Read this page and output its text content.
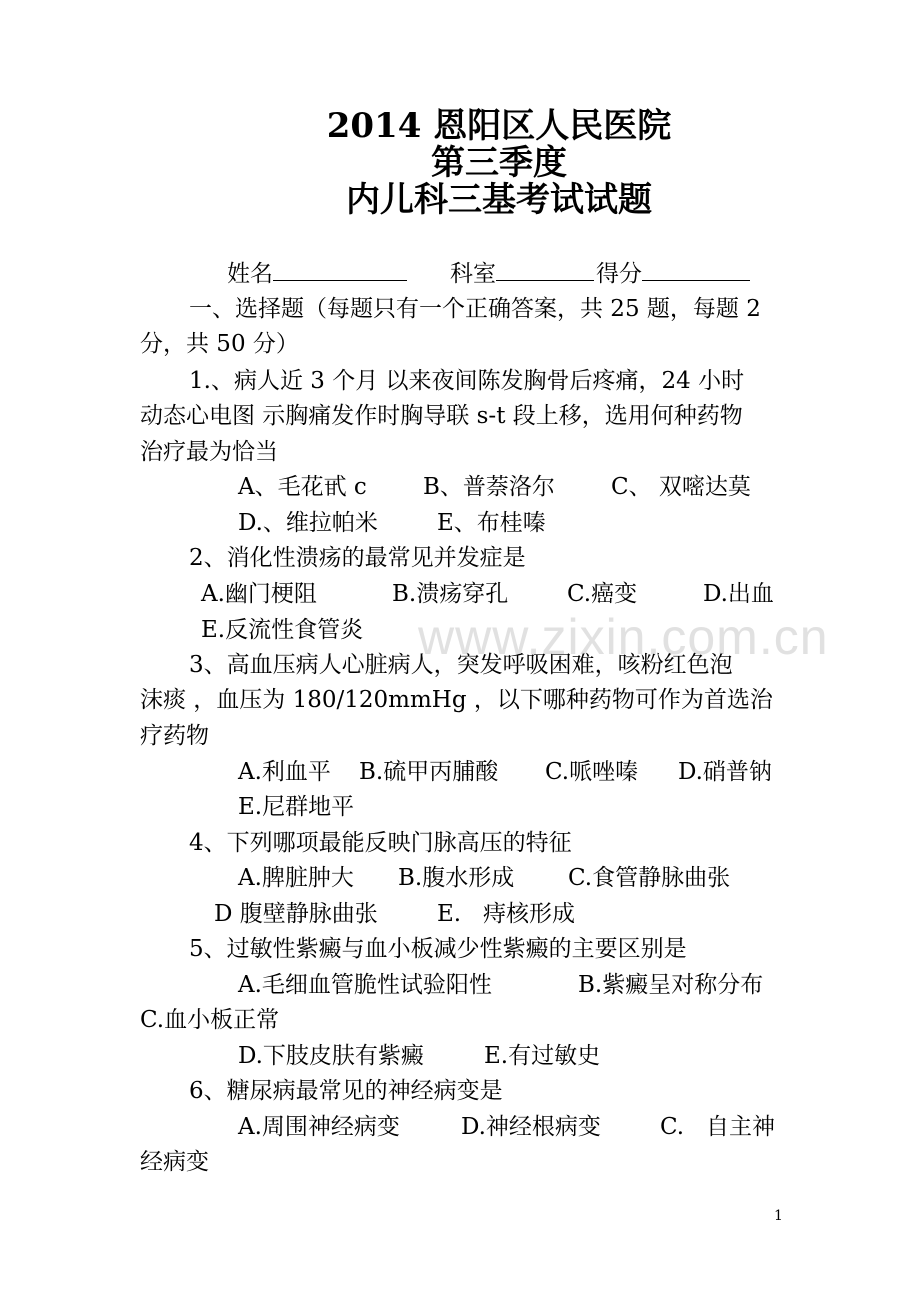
2014 恩阳区人民医院
第三季度
内儿科三基考试试题
姓名	科室	得分
一、选择题（每题只有一个正确答案，共 25 题，每题 2
分，共 50 分）
1.、病人近 3 个月 以来夜间陈发胸骨后疼痛，24 小时
动态心电图 示胸痛发作时胸导联 s-t 段上移，选用何种药物
治疗最为恰当
A、毛花甙 c B、普萘洛尔 C、 双嘧达莫
D.、维拉帕米	E、布桂嗪
2、消化性溃疡的最常见并发症是
A.幽门梗阻	B.溃疡穿孔	C.癌变	D.出血
E.反流性食管炎
3、高血压病人心脏病人，突发呼吸困难，咳粉红色泡
沫痰 ，血压为 180/120mmHg ，以下哪种药物可作为首选治
疗药物
A.利血平 B.硫甲丙脯酸 C.哌唑嗪 D.硝普钠
E.尼群地平
4、下列哪项最能反映门脉高压的特征
A.脾脏肿大 B.腹水形成 C.食管静脉曲张
D 腹壁静脉曲张	E.   痔核形成
5、过敏性紫癜与血小板减少性紫癜的主要区别是
A.毛细血管脆性试验阳性	B.紫癜呈对称分布
C.血小板正常
D.下肢皮肤有紫癜	E.有过敏史
6、糖尿病最常见的神经病变是
A.周围神经病变	D.神经根病变	C.   自主神
经病变
www.zixin.com.cn
1
